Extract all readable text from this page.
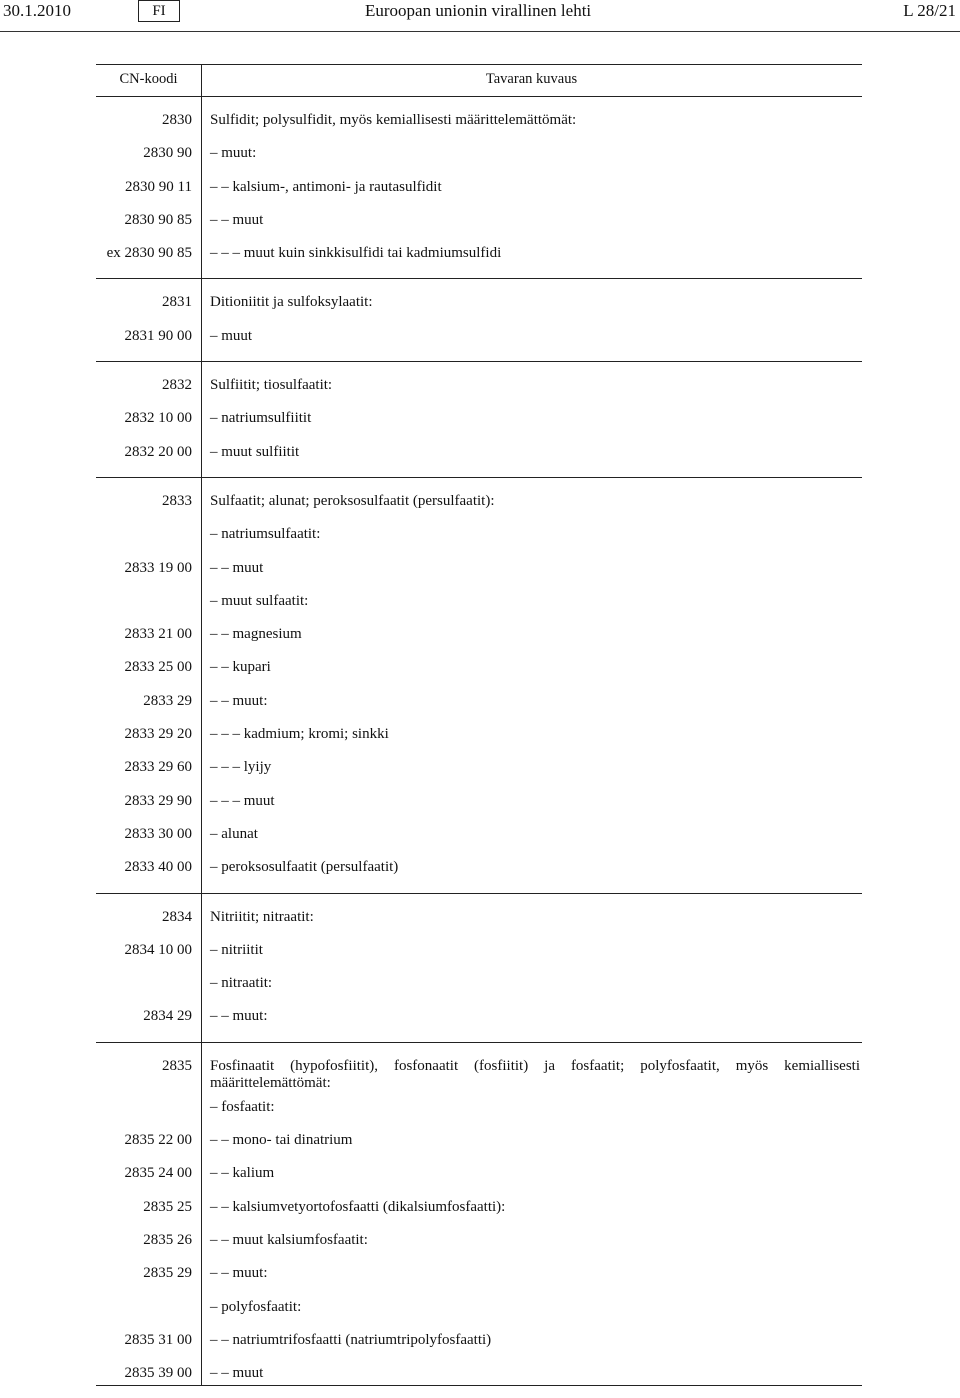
30.1.2010	FI	Euroopan unionin virallinen lehti	L 28/21
CN-koodi	Tavaran kuvaus
2830	Sulfidit; polysulfidit, myös kemiallisesti määrittelemättömät:
2830 90	– muut:
2830 90 11	– – kalsium-, antimoni- ja rautasulfidit
2830 90 85	– – muut
ex 2830 90 85	– – – muut kuin sinkkisulfidi tai kadmiumsulfidi
2831	Ditioniitit ja sulfoksylaatit:
2831 90 00	– muut
2832	Sulfiitit; tiosulfaatit:
2832 10 00	– natriumsulfiitit
2832 20 00	– muut sulfiitit
2833	Sulfaatit; alunat; peroksosulfaatit (persulfaatit):
– natriumsulfaatit:
2833 19 00	– – muut
– muut sulfaatit:
2833 21 00	– – magnesium
2833 25 00	– – kupari
2833 29	– – muut:
2833 29 20	– – – kadmium; kromi; sinkki
2833 29 60	– – – lyijy
2833 29 90	– – – muut
2833 30 00	– alunat
2833 40 00	– peroksosulfaatit (persulfaatit)
2834	Nitriitit; nitraatit:
2834 10 00	– nitriitit
– nitraatit:
2834 29	– – muut:
2835	Fosfinaatit (hypofosfiitit), fosfonaatit (fosfiitit) ja fosfaatit; polyfosfaatit, myös kemiallisesti määrittelemättömät:
– fosfaatit:
2835 22 00	– – mono- tai dinatrium
2835 24 00	– – kalium
2835 25	– – kalsiumvetyortofosfaatti (dikalsiumfosfaatti):
2835 26	– – muut kalsiumfosfaatit:
2835 29	– – muut:
– polyfosfaatit:
2835 31 00	– – natriumtrifosfaatti (natriumtripolyfosfaatti)
2835 39 00	– – muut
